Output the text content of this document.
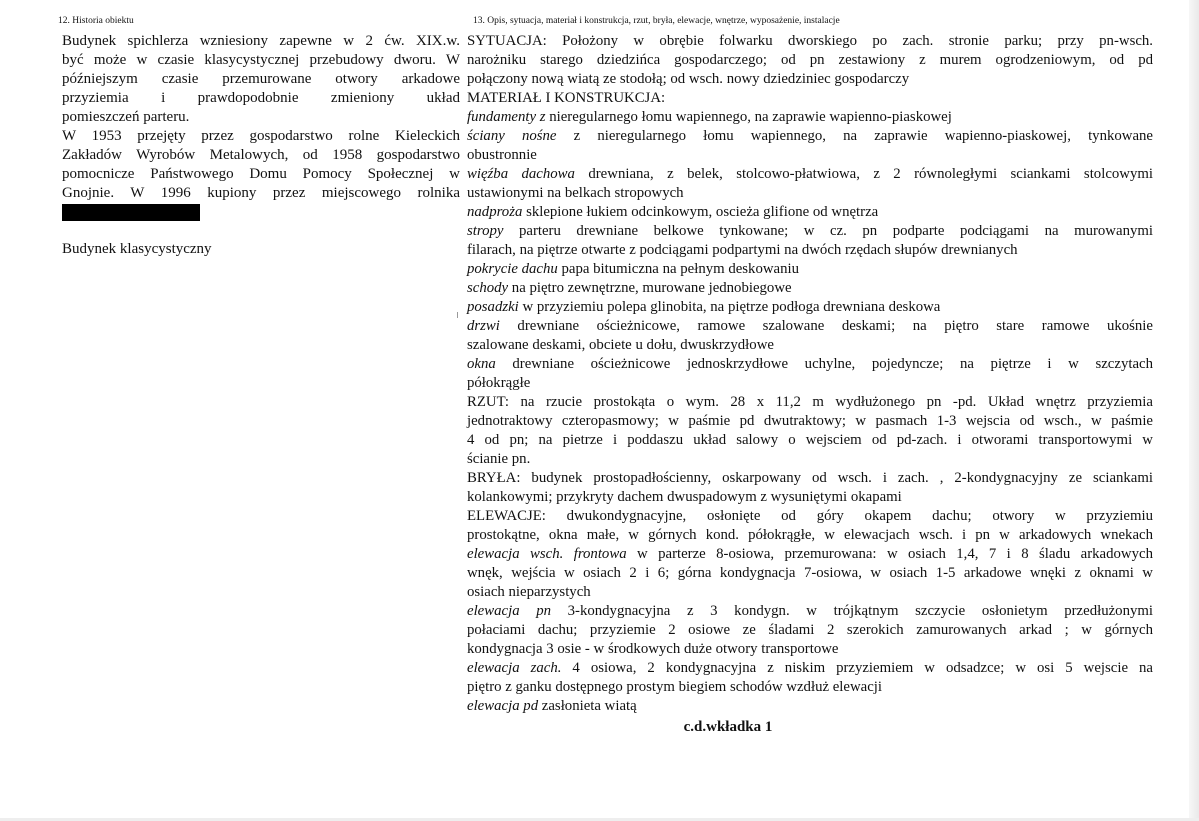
12. Historia obiektu
Budynek spichlerza wzniesiony zapewne w 2 ćw. XIX.w.
być może w czasie klasycystycznej przebudowy dworu. W
późniejszym czasie przemurowane otwory arkadowe
przyziemia i prawdopodobnie zmieniony układ
pomieszczeń parteru.
W 1953 przejęty przez gospodarstwo rolne Kieleckich
Zakładów Wyrobów Metalowych, od 1958 gospodarstwo
pomocnicze Państwowego Domu Pomocy Społecznej w
Gnojnie. W 1996 kupiony przez miejscowego rolnika
Budynek klasycystyczny
13. Opis, sytuacja, materiał i konstrukcja, rzut, bryła, elewacje, wnętrze, wyposażenie, instalacje
SYTUACJA: Położony w obrębie folwarku dworskiego po zach. stronie parku; przy pn-wsch.
narożniku starego dziedzińca gospodarczego; od pn zestawiony z murem ogrodzeniowym, od pd
połączony nową wiatą ze stodołą; od wsch. nowy dziedziniec gospodarczy
MATERIAŁ I KONSTRUKCJA:
fundamenty z nieregularnego łomu wapiennego, na zaprawie wapienno-piaskowej
ściany nośne z nieregularnego łomu wapiennego, na zaprawie wapienno-piaskowej, tynkowane
obustronnie
więźba dachowa drewniana, z belek, stolcowo-płatwiowa, z 2 równoległymi sciankami stolcowymi
ustawionymi na belkach stropowych
nadproża sklepione łukiem odcinkowym, oscieża glifione od wnętrza
stropy parteru drewniane belkowe tynkowane; w cz. pn podparte podciągami na murowanymi
filarach, na piętrze otwarte z podciągami podpartymi na dwóch rzędach słupów drewnianych
pokrycie dachu papa bitumiczna na pełnym deskowaniu
schody na piętro zewnętrzne, murowane jednobiegowe
posadzki w przyziemiu polepa glinobita, na piętrze podłoga drewniana deskowa
drzwi drewniane ościeżnicowe, ramowe szalowane deskami; na piętro stare ramowe ukośnie
szalowane deskami, obciete u dołu, dwuskrzydłowe
okna drewniane ościeżnicowe jednoskrzydłowe uchylne, pojedyncze; na piętrze i w szczytach
półokrągłe
RZUT: na rzucie prostokąta o wym. 28 x 11,2 m wydłużonego pn -pd. Układ wnętrz przyziemia
jednotraktowy czteropasmowy; w paśmie pd dwutraktowy; w pasmach 1-3 wejscia od wsch., w paśmie
4 od pn; na pietrze i poddaszu układ salowy o wejsciem od pd-zach. i otworami transportowymi w
ścianie pn.
BRYŁA: budynek prostopadłościenny, oskarpowany od wsch. i zach. , 2-kondygnacyjny ze sciankami
kolankowymi; przykryty dachem dwuspadowym z wysuniętymi okapami
ELEWACJE: dwukondygnacyjne, osłonięte od góry okapem dachu; otwory w przyziemiu
prostokątne, okna małe, w górnych kond. półokrągłe, w elewacjach wsch. i pn w arkadowych wnekach
elewacja wsch. frontowa w parterze 8-osiowa, przemurowana: w osiach 1,4, 7 i 8 śladu arkadowych
wnęk, wejścia w osiach 2 i 6; górna kondygnacja 7-osiowa, w osiach 1-5 arkadowe wnęki z oknami w
osiach nieparzystych
elewacja pn 3-kondygnacyjna z 3 kondygn. w trójkątnym szczycie osłonietym przedłużonymi
połaciami dachu; przyziemie 2 osiowe ze śladami 2 szerokich zamurowanych arkad ; w górnych
kondygnacja 3 osie - w środkowych duże otwory transportowe
elewacja zach. 4 osiowa, 2 kondygnacyjna z niskim przyziemiem w odsadzce; w osi 5 wejscie na
piętro z ganku dostępnego prostym biegiem schodów wzdłuż elewacji
elewacja pd zasłonieta wiatą
c.d.wkładka 1
